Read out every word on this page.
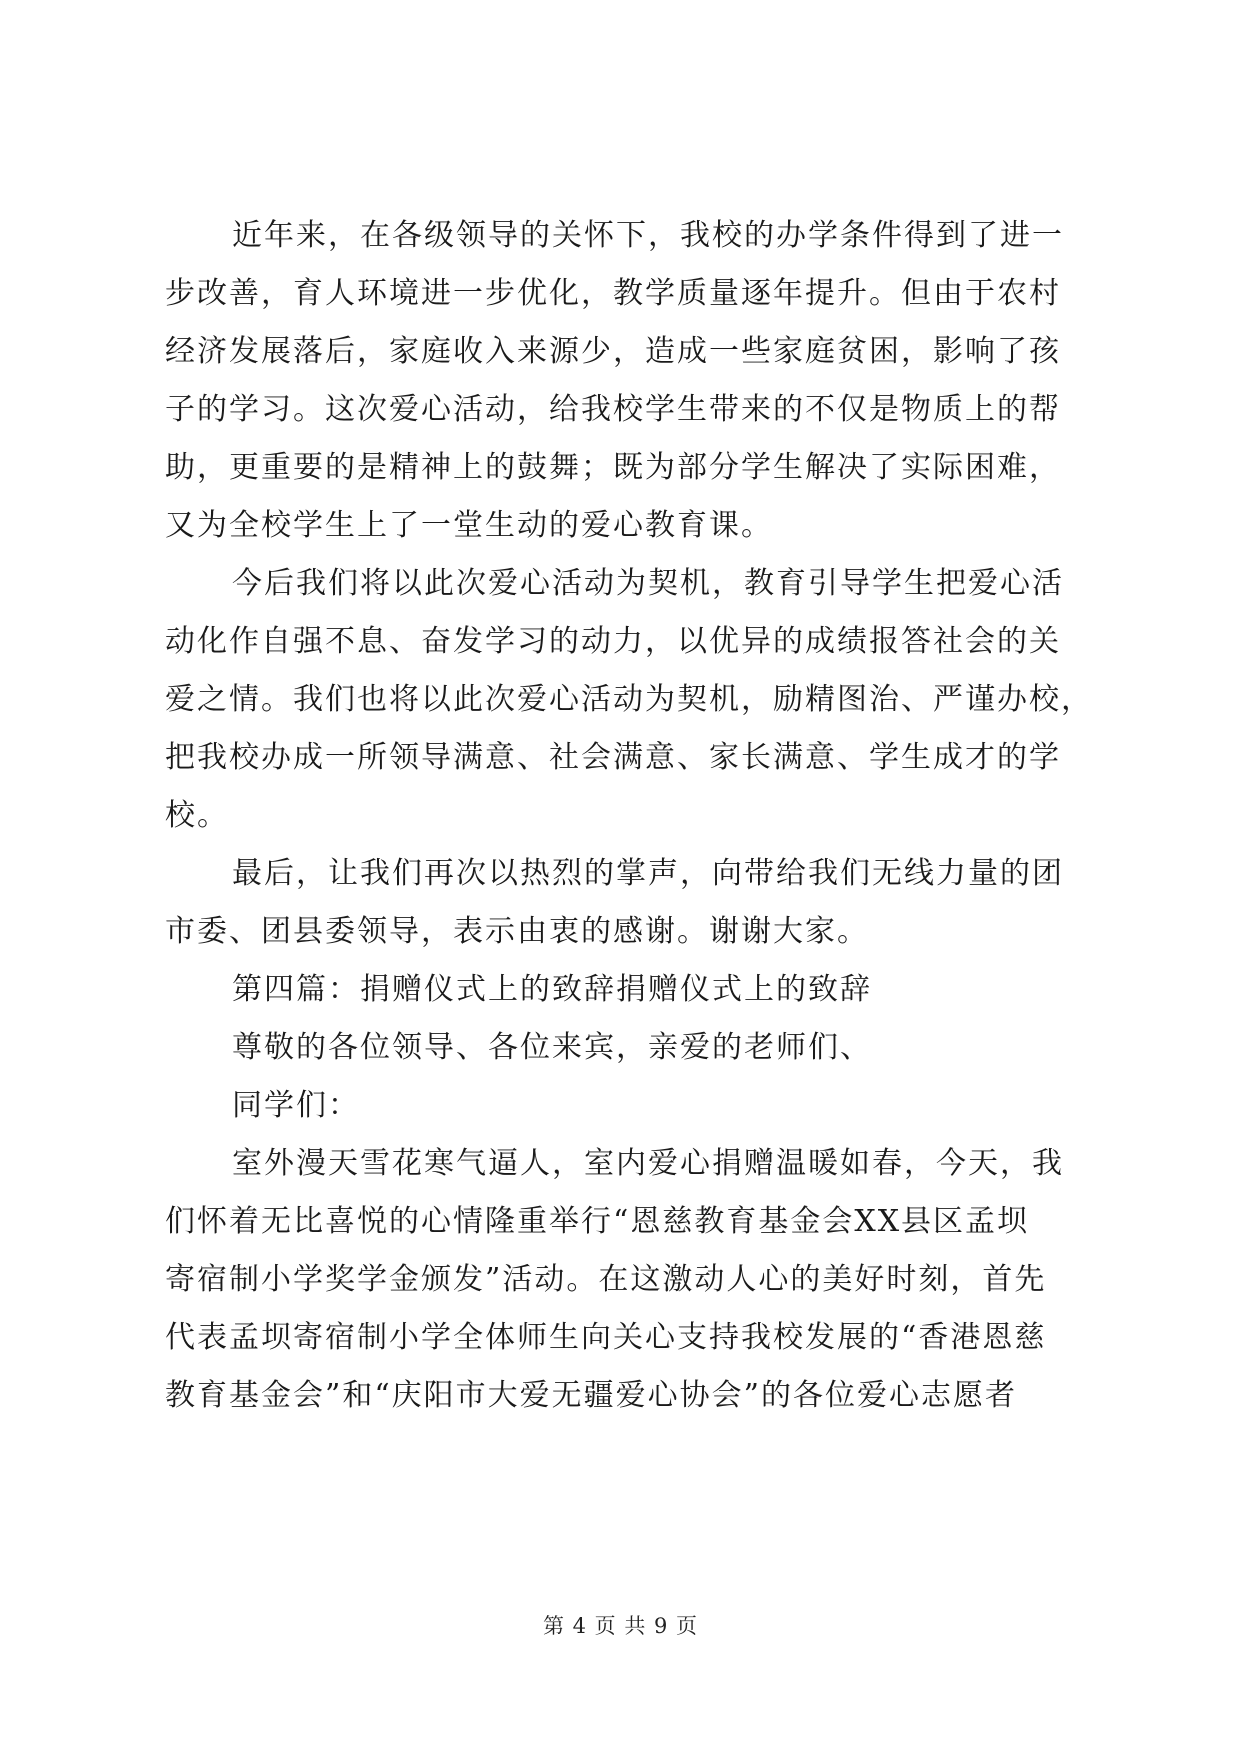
近年来，在各级领导的关怀下，我校的办学条件得到了进一
步改善，育人环境进一步优化，教学质量逐年提升。但由于农村
经济发展落后，家庭收入来源少，造成一些家庭贫困，影响了孩
子的学习。这次爱心活动，给我校学生带来的不仅是物质上的帮
助，更重要的是精神上的鼓舞；既为部分学生解决了实际困难，
又为全校学生上了一堂生动的爱心教育课。
今后我们将以此次爱心活动为契机，教育引导学生把爱心活
动化作自强不息、奋发学习的动力，以优异的成绩报答社会的关
爱之情。我们也将以此次爱心活动为契机，励精图治、严谨办校，
把我校办成一所领导满意、社会满意、家长满意、学生成才的学
校。
最后，让我们再次以热烈的掌声，向带给我们无线力量的团
市委、团县委领导，表示由衷的感谢。谢谢大家。
第四篇：捐赠仪式上的致辞捐赠仪式上的致辞
尊敬的各位领导、各位来宾，亲爱的老师们、
同学们：
室外漫天雪花寒气逼人，室内爱心捐赠温暖如春，今天，我
们怀着无比喜悦的心情隆重举行“恩慈教育基金会XX县区孟坝
寄宿制小学奖学金颁发”活动。在这激动人心的美好时刻，首先
代表孟坝寄宿制小学全体师生向关心支持我校发展的“香港恩慈
教育基金会”和“庆阳市大爱无疆爱心协会”的各位爱心志愿者
第 4 页 共 9 页
